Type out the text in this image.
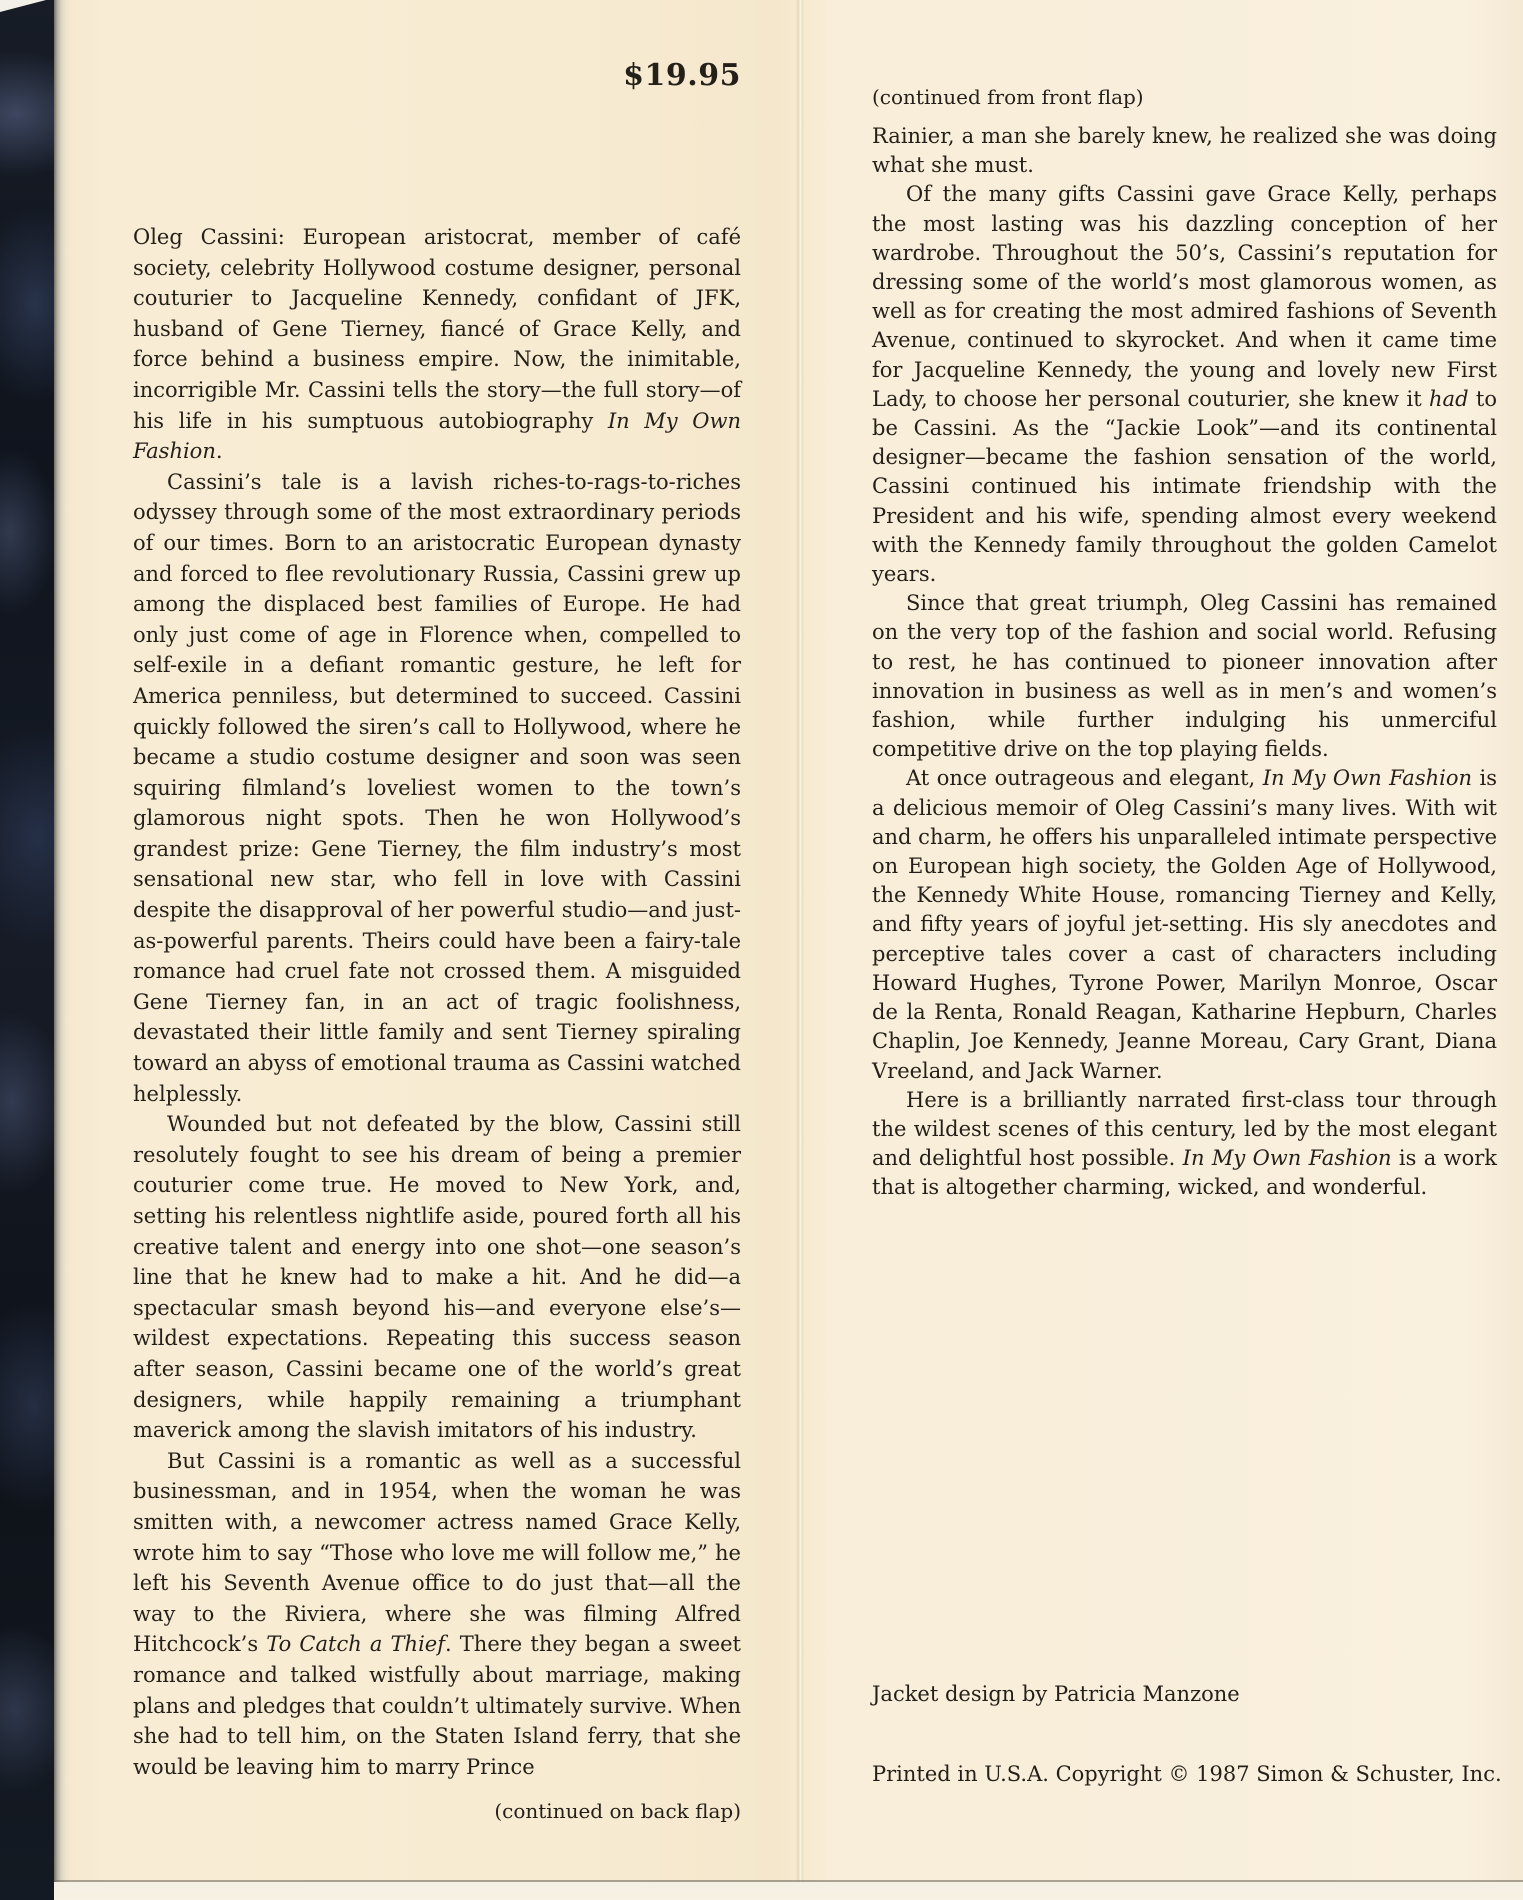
$19.95

Oleg Cassini: European aristocrat, member of café society, celebrity Hollywood costume designer, personal couturier to Jacqueline Kennedy, confidant of JFK, husband of Gene Tierney, fiancé of Grace Kelly, and force behind a business empire. Now, the inimitable, incorrigible Mr. Cassini tells the story—the full story—of his life in his sumptuous autobiography In My Own Fashion.

Cassini’s tale is a lavish riches-to-rags-to-riches odyssey through some of the most extraordinary periods of our times. Born to an aristocratic European dynasty and forced to flee revolutionary Russia, Cassini grew up among the displaced best families of Europe. He had only just come of age in Florence when, compelled to self-exile in a defiant romantic gesture, he left for America penniless, but determined to succeed. Cassini quickly followed the siren’s call to Hollywood, where he became a studio costume designer and soon was seen squiring filmland’s loveliest women to the town’s glamorous night spots. Then he won Hollywood’s grandest prize: Gene Tierney, the film industry’s most sensational new star, who fell in love with Cassini despite the disapproval of her powerful studio—and just-as-powerful parents. Theirs could have been a fairy-tale romance had cruel fate not crossed them. A misguided Gene Tierney fan, in an act of tragic foolishness, devastated their little family and sent Tierney spiraling toward an abyss of emotional trauma as Cassini watched helplessly.

Wounded but not defeated by the blow, Cassini still resolutely fought to see his dream of being a premier couturier come true. He moved to New York, and, setting his relentless nightlife aside, poured forth all his creative talent and energy into one shot—one season’s line that he knew had to make a hit. And he did—a spectacular smash beyond his—and everyone else’s—wildest expectations. Repeating this success season after season, Cassini became one of the world’s great designers, while happily remaining a triumphant maverick among the slavish imitators of his industry.

But Cassini is a romantic as well as a successful businessman, and in 1954, when the woman he was smitten with, a newcomer actress named Grace Kelly, wrote him to say “Those who love me will follow me,” he left his Seventh Avenue office to do just that—all the way to the Riviera, where she was filming Alfred Hitchcock’s To Catch a Thief. There they began a sweet romance and talked wistfully about marriage, making plans and pledges that couldn’t ultimately survive. When she had to tell him, on the Staten Island ferry, that she would be leaving him to marry Prince

(continued on back flap)
(continued from front flap)

Rainier, a man she barely knew, he realized she was doing what she must.

Of the many gifts Cassini gave Grace Kelly, perhaps the most lasting was his dazzling conception of her wardrobe. Throughout the 50’s, Cassini’s reputation for dressing some of the world’s most glamorous women, as well as for creating the most admired fashions of Seventh Avenue, continued to skyrocket. And when it came time for Jacqueline Kennedy, the young and lovely new First Lady, to choose her personal couturier, she knew it had to be Cassini. As the “Jackie Look”—and its continental designer—became the fashion sensation of the world, Cassini continued his intimate friendship with the President and his wife, spending almost every weekend with the Kennedy family throughout the golden Camelot years.

Since that great triumph, Oleg Cassini has remained on the very top of the fashion and social world. Refusing to rest, he has continued to pioneer innovation after innovation in business as well as in men’s and women’s fashion, while further indulging his unmerciful competitive drive on the top playing fields.

At once outrageous and elegant, In My Own Fashion is a delicious memoir of Oleg Cassini’s many lives. With wit and charm, he offers his unparalleled intimate perspective on European high society, the Golden Age of Hollywood, the Kennedy White House, romancing Tierney and Kelly, and fifty years of joyful jet-setting. His sly anecdotes and perceptive tales cover a cast of characters including Howard Hughes, Tyrone Power, Marilyn Monroe, Oscar de la Renta, Ronald Reagan, Katharine Hepburn, Charles Chaplin, Joe Kennedy, Jeanne Moreau, Cary Grant, Diana Vreeland, and Jack Warner.

Here is a brilliantly narrated first-class tour through the wildest scenes of this century, led by the most elegant and delightful host possible. In My Own Fashion is a work that is altogether charming, wicked, and wonderful.

Jacket design by Patricia Manzone
Printed in U.S.A. Copyright © 1987 Simon & Schuster, Inc.
